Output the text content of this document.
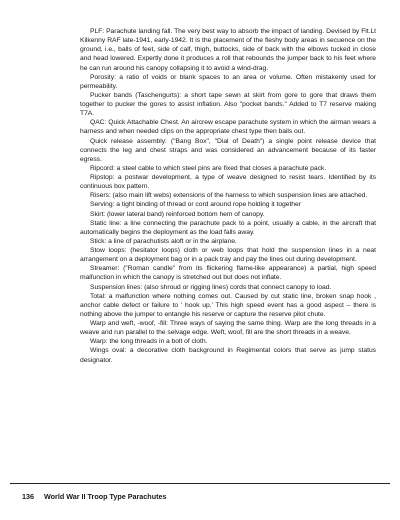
PLF: Parachute landing fall. The very best way to absorb the impact of landing. Devised by Flt.Lt Kilkenny RAF late-1941, early-1942. It is the placement of the fleshy body areas in secuence on the ground, i.e., balls of feet, side of calf, thigh, buttocks, side of back with the elbows tucked in close and head lowered. Expertly done it produces a roll that rebounds the jumper back to his feet where he can run around his canopy collapsing it to avoid a wind-drag.

Porosity: a ratio of voids or blank spaces to an area or volume. Often mistakenly used for permeability.

Pucker bands (Taschengurts): a short tape sewn at skirt from gore to gore that draws them together to pucker the gores to assist inflation. Also "pocket bands." Added to T7 reserve making T7A.

QAC: Quick Attachable Chest. An aircrew escape parachute system in which the airman wears a harness and when needed clips on the appropriate chest type then bails out.

Quick release assembly: ("Bang Box", "Dial of Death") a single point release device that connects the leg and chest straps and was considered an advancement because of its faster egress.

Ripcord: a steel cable to which steel pins are fixed that closes a parachute pack.

Ripstop: a postwar development, a type of weave designed to resist tears. Identified by its continuous box pattern.

Risers: (also main lift webs) extensions of the harness to which suspension lines are attached.

Serving: a tight binding of thread or cord around rope holding it together

Skirt: (lower lateral band) reinforced bottom hem of canopy.

Static line: a line connecting the parachute pack to a point, usually a cable, in the aircraft that automatically begins the deployment as the load falls away.

Stick: a line of parachutists aloft or in the airplane.

Stow loops: (hesitator loops) cloth or web loops that hold the suspension lines in a neat arrangement on a deployment bag or in a pack tray and pay the lines out during development.

Streamer: ("Roman candle" from its flickering flame-like appearance) a partial, high speed malfunction in which the canopy is stretched out but does not inflate.

Suspension lines: (also shroud or rigging lines) cords that connect canopy to load.

Total: a malfunction where nothing comes out. Caused by cut static line, broken snap hook , anchor cable defect or failure to ' hook up.' This high speed event has a good aspect – there is nothing above the jumper to entangle his reserve or capture the reserve pilot chute.

Warp and weft, -woof, -fill: Three ways of saying the same thing. Warp are the long threads in a weave and run parallel to the selvage edge. Weft, woof, fill are the short threads in a weave.

Warp: the long threads in a bolt of cloth.

Wings oval: a decorative cloth background in Regimental colors that serve as jump status designator.

136 World War II Troop Type Parachutes
